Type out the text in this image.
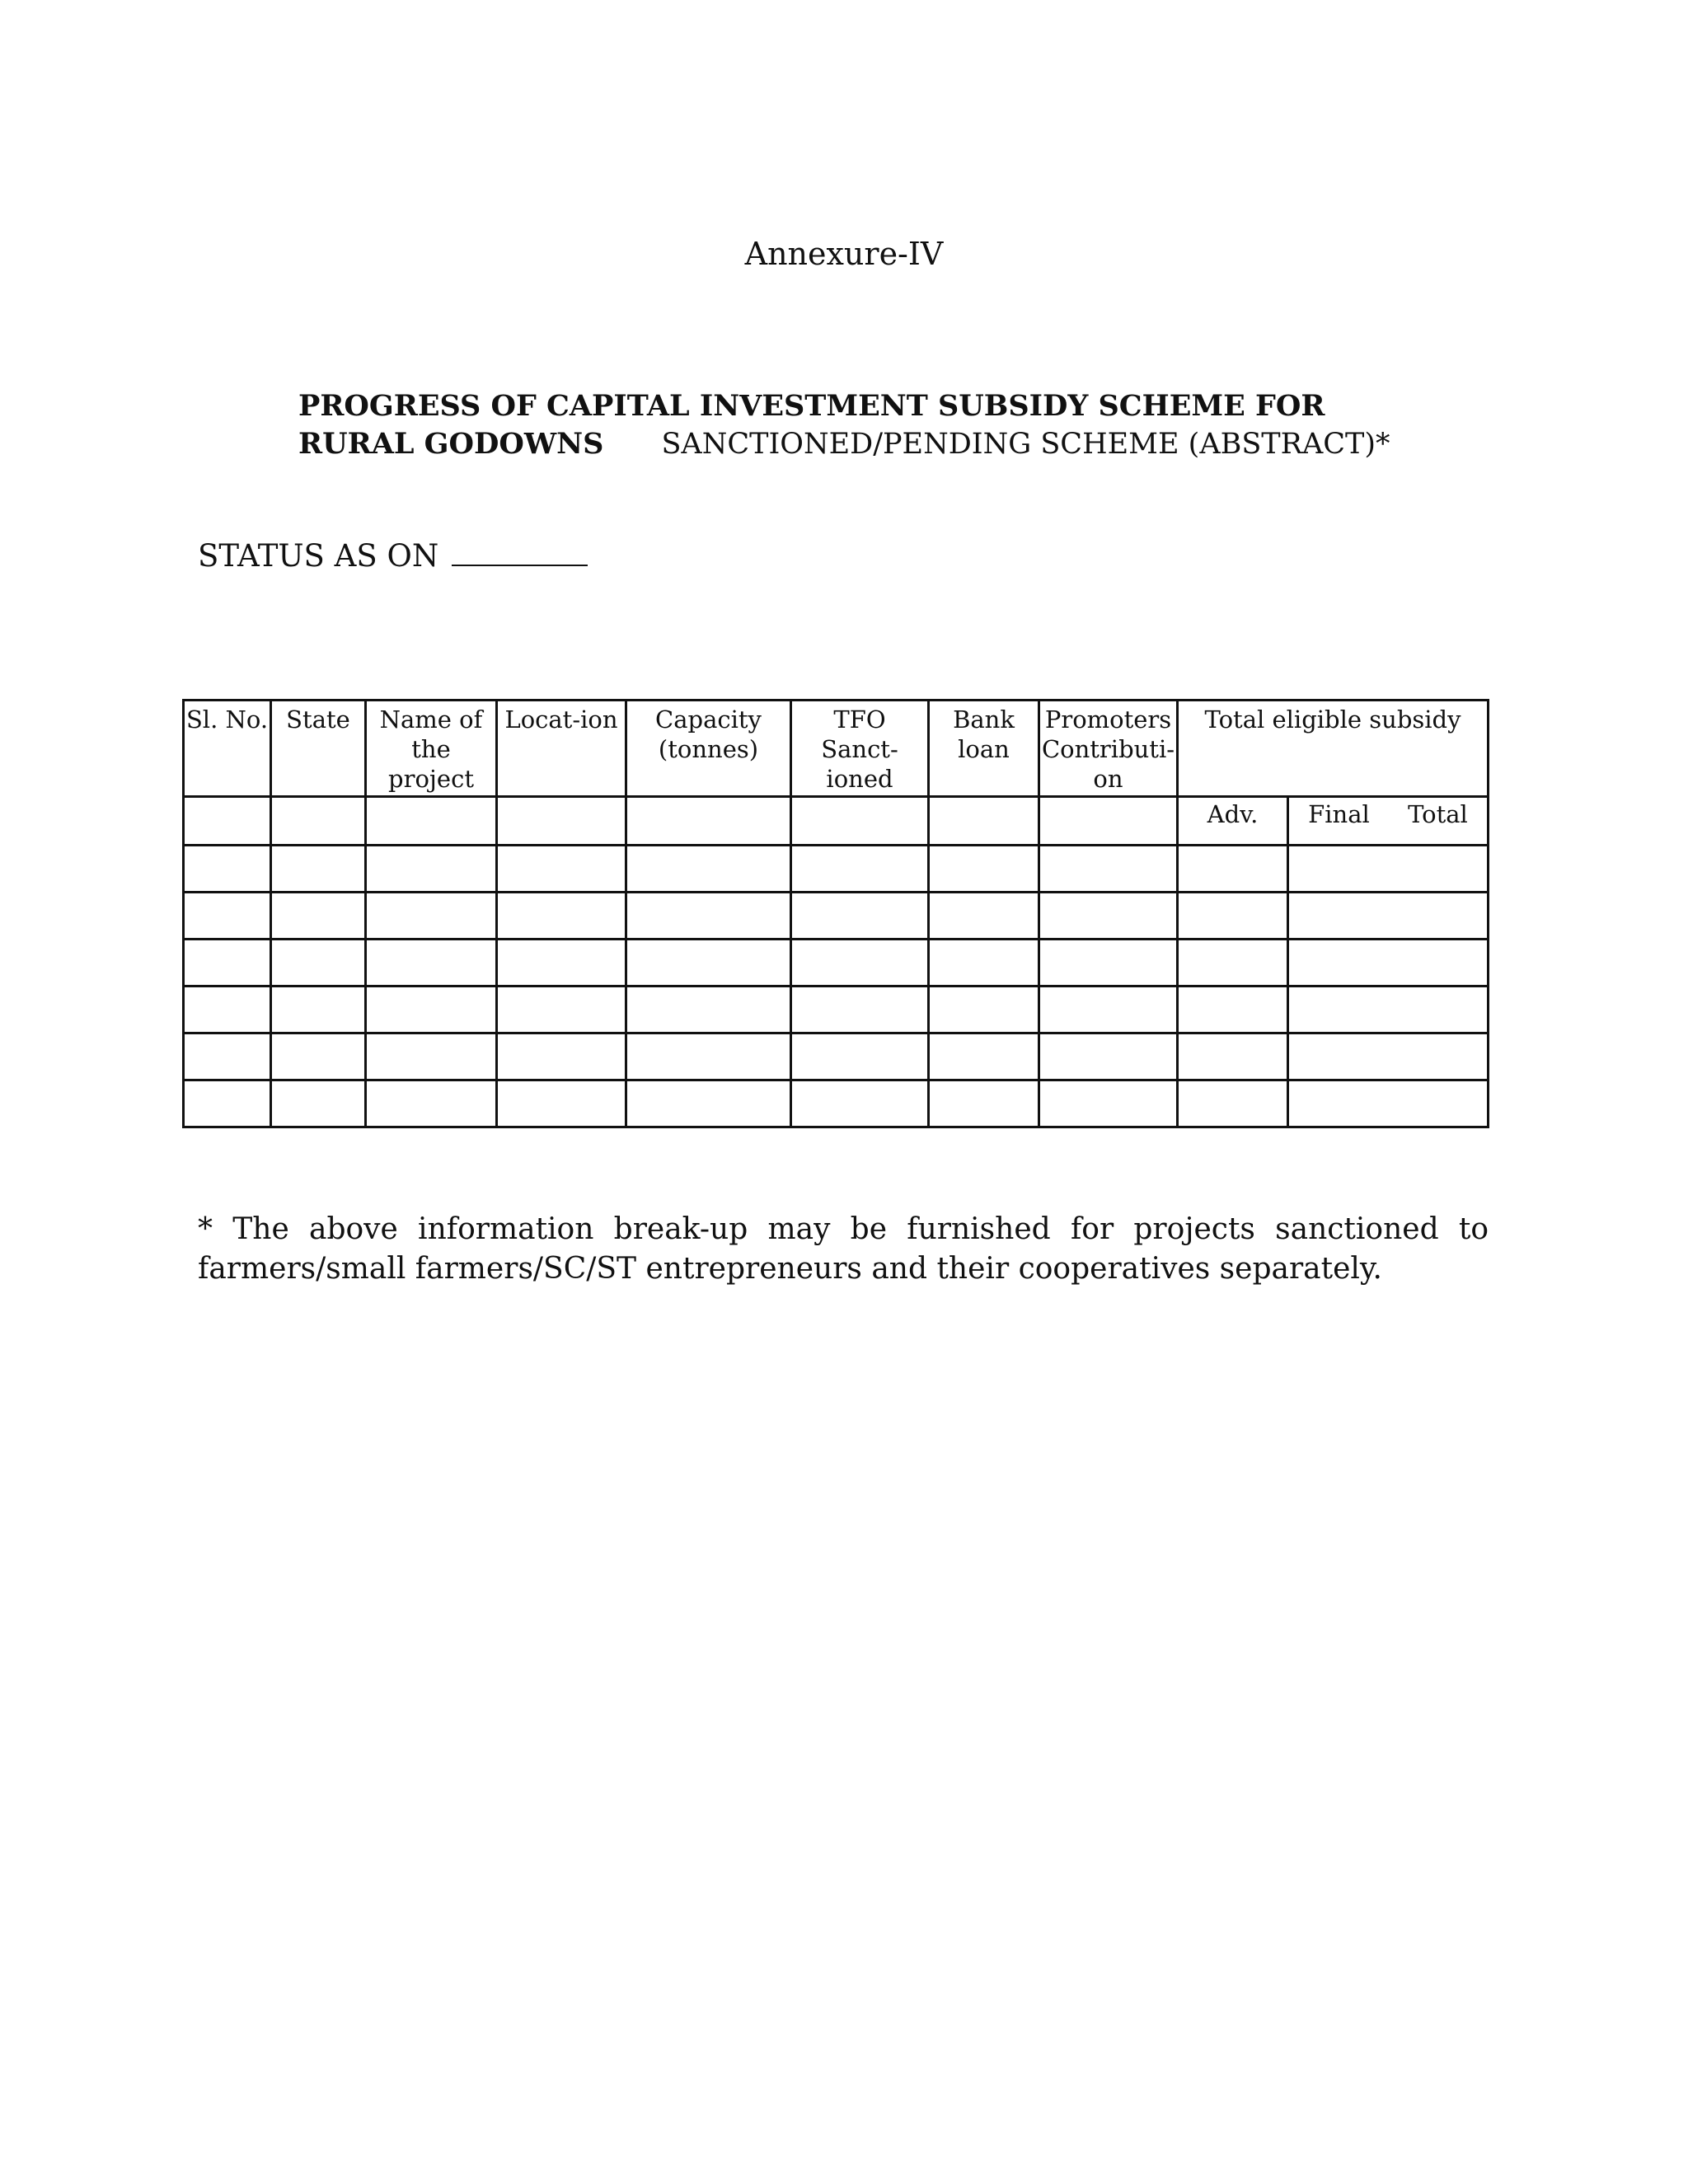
Annexure-IV
PROGRESS OF CAPITAL INVESTMENT SUBSIDY SCHEME FOR RURAL GODOWNS SANCTIONED/PENDING SCHEME (ABSTRACT)*
STATUS AS ON
Sl. No.	State	Name of the project	Locat-ion	Capacity (tonnes)	TFO Sanct-ioned	Bank loan	Promoters Contributi-on	Total eligible subsidy	
								Adv.	Final Total

* The above information break-up may be furnished for projects sanctioned to farmers/small farmers/SC/ST entrepreneurs and their cooperatives separately.
